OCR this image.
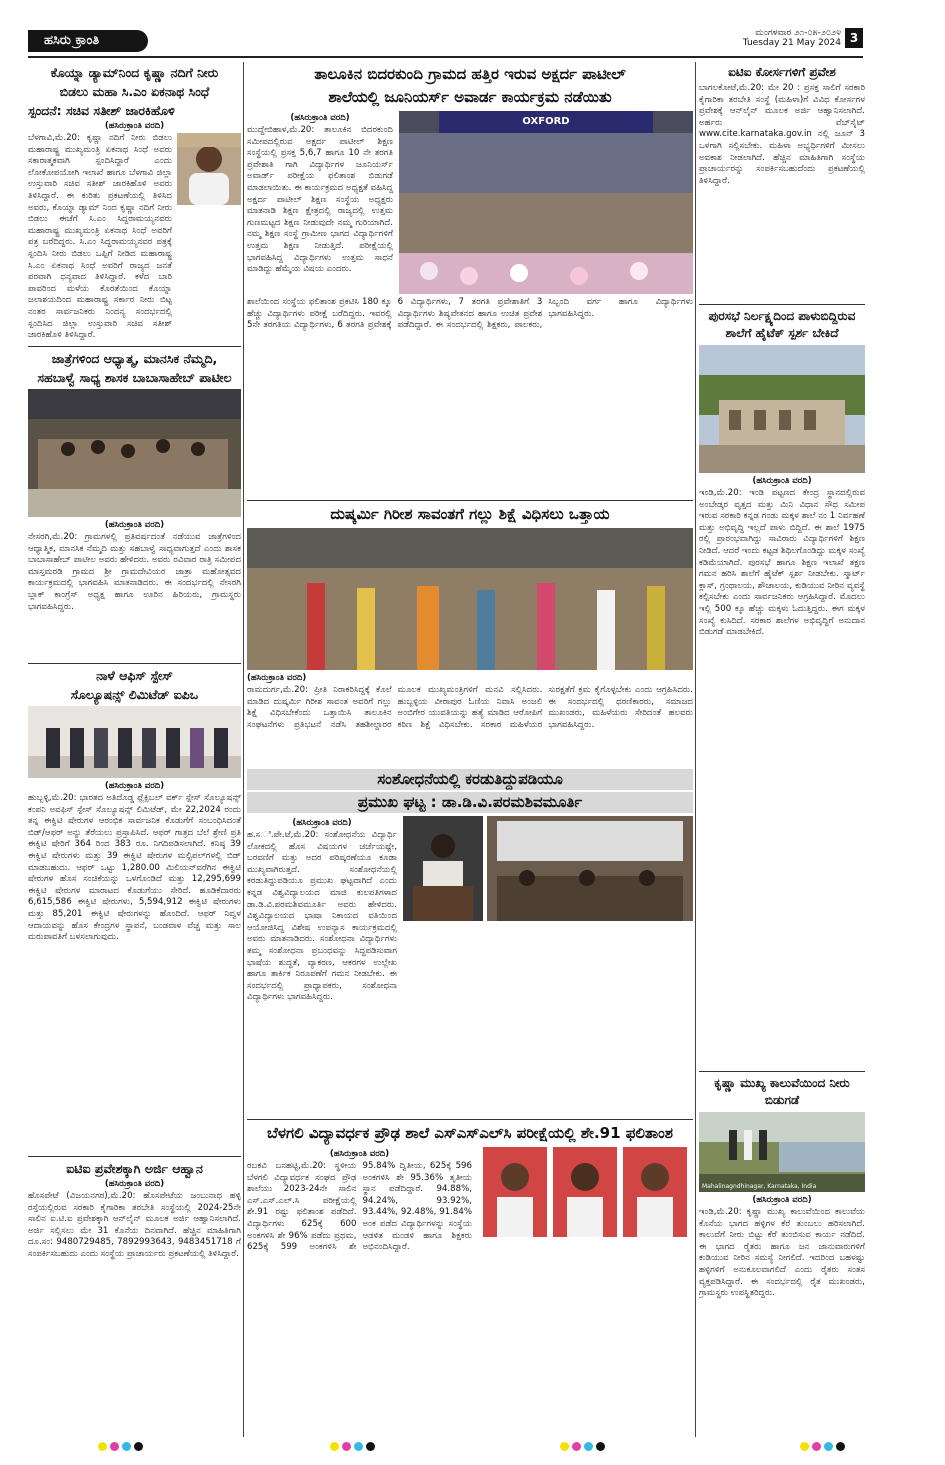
ಹಸಿರು ಕ್ರಾಂತಿ	ಮಂಗಳವಾರ ೨೧-೦೫-೨೦೨೪
Tuesday 21 May 2024 3
ಕೊಯ್ನಾ ಡ್ಯಾಮ್‌ನಿಂದ ಕೃಷ್ಣಾ ನದಿಗೆ ನೀರು
ಬಿಡಲು ಮಹಾ ಸಿ.ಎಂ ಏಕನಾಥ ಸಿಂಧೆ
ಸ್ಪಂದನೆ: ಸಚಿವ ಸತೀಶ್ ಜಾರಕಿಹೊಳಿ
(ಹಸಿರುಕ್ರಾಂತಿ ವರದಿ)

ಬೆಳಗಾವಿ,ಮೆ.20: ಕೃಷ್ಣಾ ನದಿಗೆ ನೀರು ಬಿಡಲು ಮಹಾರಾಷ್ಟ್ರ ಮುಖ್ಯಮಂತ್ರಿ ಏಕನಾಥ ಸಿಂಧೆ ಅವರು ಸಕಾರಾತ್ಮಕವಾಗಿ ಸ್ಪಂದಿಸಿದ್ದಾರೆ ಎಂದು ಲೋಕೋಪಯೋಗಿ ಇಲಾಖೆ ಹಾಗೂ ಬೆಳಗಾವಿ ಜಿಲ್ಲಾ ಉಸ್ತುವಾರಿ ಸಚಿವ ಸತೀಶ್ ಜಾರಕಿಹೊಳಿ ಅವರು ತಿಳಿಸಿದ್ದಾರೆ. ಈ ಕುರಿತು ಪ್ರಕಟಣೆಯಲ್ಲಿ ತಿಳಿಸಿದ ಅವರು, ಕೊಯ್ನಾ ಡ್ಯಾಮ್ ನಿಂದ ಕೃಷ್ಣಾ ನದಿಗೆ ನೀರು ಬಿಡಲು ಈಚೆಗೆ ಸಿ.ಎಂ ಸಿದ್ದರಾಮಯ್ಯನವರು ಮಹಾರಾಷ್ಟ್ರ ಮುಖ್ಯಮಂತ್ರಿ ಏಕನಾಥ ಸಿಂಧೆ ಅವರಿಗೆ ಪತ್ರ ಬರೆದಿದ್ದರು. ಸಿ.ಎಂ ಸಿದ್ದರಾಮಯ್ಯನವರ ಪತ್ರಕ್ಕೆ ಸ್ಪಂದಿಸಿ ನೀರು ಬಿಡಲು ಒಪ್ಪಿಗೆ ನೀಡಿದ ಮಹಾರಾಷ್ಟ್ರ ಸಿ.ಎಂ ಏಕನಾಥ ಸಿಂಧೆ ಅವರಿಗೆ ರಾಜ್ಯದ ಜನತೆ ಪರವಾಗಿ ಧನ್ಯವಾದ ತಿಳಿಸಿದ್ದಾರೆ. ಕಳೆದ ಬಾರಿ ಪಾವರಿಂದ ಮಳೆಯ ಕೊರತೆಯಿಂದ ಕೊಯ್ನಾ ಜಲಾಶಯದಿಂದ ಮಹಾರಾಷ್ಟ್ರ ಸರ್ಕಾರ ನೀರು ಬಿಟ್ಟ ನಂತರ ಸಾರ್ವಜನಿಕರು ನಿಂದನ್ಯ ಸಂದರ್ಭದಲ್ಲಿ ಸ್ಪಂದಿಸಿದ ಜಿಲ್ಲಾ ಉಸ್ತುವಾರಿ ಸಚಿವ ಸತೀಶ್ ಜಾರಕಿಹೊಳಿ ತಿಳಿಸಿದ್ದಾರೆ.

ಜಾತ್ರೆಗಳಿಂದ ಆಧ್ಯಾತ್ಮ, ಮಾನಸಿಕ ನೆಮ್ಮದಿ,
ಸಹಬಾಳ್ವೆ ಸಾಧ್ಯ ಶಾಸಕ ಬಾಬಾಸಾಹೇಬ್ ಪಾಟೀಲ
(ಹಸಿರುಕ್ರಾಂತಿ ವರದಿ)

ನೇಸರಗಿ,ಮೆ.20: ಗ್ರಾಮಗಳಲ್ಲಿ ಪ್ರತಿವರ್ಷದಂತೆ ನಡೆಯುವ ಜಾತ್ರೆಗಳಿಂದ ಆಧ್ಯಾತ್ಮಿಕ, ಮಾನಸಿಕ ನೆಮ್ಮದಿ ಮತ್ತು ಸಹಬಾಳ್ವೆ ಸಾಧ್ಯವಾಗುತ್ತದೆ ಎಂದು ಶಾಸಕ ಬಾಬಾಸಾಹೇಬ್ ಪಾಟೀಲ ಅವರು ಹೇಳಿದರು. ಅವರು ರವಿವಾರ ರಾತ್ರಿ ಸಮೀಪದ ಮಾಸ್ತಮರಡಿ ಗ್ರಾಮದ ಶ್ರೀ ಗ್ರಾಮದೇವಿಯರ ಜಾತ್ರಾ ಮಹೋತ್ಸವದ ಕಾರ್ಯಕ್ರಮದಲ್ಲಿ ಭಾಗವಹಿಸಿ ಮಾತನಾಡಿದರು. ಈ ಸಂದರ್ಭದಲ್ಲಿ ನೇಸರಗಿ ಬ್ಲಾಕ್ ಕಾಂಗ್ರೆಸ್ ಅಧ್ಯಕ್ಷ ಹಾಗೂ ಊರಿನ ಹಿರಿಯರು, ಗ್ರಾಮಸ್ಥರು ಭಾಗವಹಿಸಿದ್ದರು.

ನಾಳೆ ಆಫಿಸ್ ಸ್ಪೇಸ್
ಸೊಲ್ಯೂಷನ್ಸ್ ಲಿಮಿಟೆಡ್ ಐಪಿಒ
(ಹಸಿರುಕ್ರಾಂತಿ ವರದಿ)

ಹುಬ್ಬಳ್ಳಿ,ಮೆ.20: ಭಾರತದ ಅತಿದೊಡ್ಡ ಫ್ಲೆಕ್ಸಿಬಲ್ ವರ್ಕ್ ಸ್ಪೇಸ್ ಸೊಲ್ಯೂಷನ್ಸ್ ಕಂಪನಿ ಅವಫಿಸ್ ಸ್ಪೇಸ್ ಸೊಲ್ಯೂಷನ್ಸ್ ಲಿಮಿಟೆಡ್, ಮೇ 22,2024 ರಂದು ತನ್ನ ಈಕ್ವಿಟಿ ಷೇರುಗಳ ಆರಂಭಿಕ ಸಾರ್ವಜನಿಕ ಕೊಡುಗೆಗೆ ಸಂಬಂಧಿಸಿದಂತೆ ಬಿಡ್/ಆಫರ್ ಅನ್ನು ತೆರೆಯಲು ಪ್ರಸ್ತಾಪಿಸಿದೆ. ಆಫರ್ ಗಾತ್ರದ ಬೆಲೆ ಶ್ರೇಣಿ ಪ್ರತಿ ಈಕ್ವಿಟಿ ಷೇರಿಗೆ 364 ರಿಂದ 383 ರೂ. ನಿಗದಿಪಡಿಸಲಾಗಿದೆ. ಕನಿಷ್ಠ 39 ಈಕ್ವಿಟಿ ಷೇರುಗಳು ಮತ್ತು 39 ಈಕ್ವಿಟಿ ಷೇರುಗಳ ಮಲ್ಟಿಪಲ್‌ಗಳಲ್ಲಿ ಬಿಡ್ ಮಾಡಬಹುದು. ಆಫರ್ ಒಟ್ಟು 1,280.00 ಮಿಲಿಯನ್‌ವರೆಗಿನ ಈಕ್ವಿಟಿ ಷೇರುಗಳ ಹೊಸ ಸಂಚಿಕೆಯನ್ನು ಒಳಗೊಂಡಿದೆ ಮತ್ತು 12,295,699 ಈಕ್ವಿಟಿ ಷೇರುಗಳ ಮಾರಾಟದ ಕೊಡುಗೆಯು ಸೇರಿದೆ. ಹೂಡಿಕೆದಾರರು 6,615,586 ಈಕ್ವಿಟಿ ಷೇರುಗಳು, 5,594,912 ಈಕ್ವಿಟಿ ಷೇರುಗಳು ಮತ್ತು 85,201 ಈಕ್ವಿಟಿ ಷೇರುಗಳನ್ನು ಹೊಂದಿದೆ. ಆಫರ್ ನಿವ್ವಳ ಆದಾಯವನ್ನು ಹೊಸ ಕೇಂದ್ರಗಳ ಸ್ಥಾಪನೆ, ಬಂಡವಾಳ ವೆಚ್ಚ ಮತ್ತು ಸಾಲ ಮರುಪಾವತಿಗೆ ಬಳಸಲಾಗುವುದು.

ಐಟಿಐ ಪ್ರವೇಶಕ್ಕಾಗಿ ಅರ್ಜಿ ಆಹ್ವಾನ
(ಹಸಿರುಕ್ರಾಂತಿ ವರದಿ)

ಹೊಸಪೇಟೆ (ವಿಜಯನಗರ),ಮೆ.20: ಹೊಸಪೇಟೆಯ ಜಂಬುನಾಥ ಹಳ್ಳಿ ರಸ್ತೆಯಲ್ಲಿರುವ ಸರಕಾರಿ ಕೈಗಾರಿಕಾ ತರಬೇತಿ ಸಂಸ್ಥೆಯಲ್ಲಿ 2024-25ನೇ ಸಾಲಿನ ಐ.ಟಿ.ಐ ಪ್ರವೇಶಕ್ಕಾಗಿ ಆನ್‌ಲೈನ್ ಮೂಲಕ ಅರ್ಜಿ ಆಹ್ವಾನಿಸಲಾಗಿದೆ. ಅರ್ಜಿ ಸಲ್ಲಿಸಲು ಮೇ 31 ಕೊನೆಯ ದಿನವಾಗಿದೆ. ಹೆಚ್ಚಿನ ಮಾಹಿತಿಗಾಗಿ ದೂ.ಸಂ: 9480729485, 7892993643, 9483451718 ಗೆ ಸಂಪರ್ಕಿಸಬಹುದು ಎಂದು ಸಂಸ್ಥೆಯ ಪ್ರಾಚಾರ್ಯರು ಪ್ರಕಟಣೆಯಲ್ಲಿ ತಿಳಿಸಿದ್ದಾರೆ.

ತಾಲೂಕಿನ ಬಿದರಕುಂದಿ ಗ್ರಾಮದ ಹತ್ತಿರ ಇರುವ ಅಕ್ಷರ್ದ ಪಾಟೀಲ್
ಶಾಲೆಯಲ್ಲಿ ಜೂನಿಯರ್ಸ್ ಅವಾರ್ಡ ಕಾರ್ಯಕ್ರಮ ನಡೆಯಿತು
(ಹಸಿರುಕ್ರಾಂತಿ ವರದಿ)

ಮುದ್ದೇಬಿಹಾಳ,ಮೆ.20: ತಾಲೂಕಿನ ಬಿದರಕುಂದಿ ಸಮೀಪದಲ್ಲಿರುವ ಅಕ್ಷರ್ದ ಪಾಟೀಲ್ ಶಿಕ್ಷಣ ಸಂಸ್ಥೆಯಲ್ಲಿ ಪ್ರಸಕ್ತ 5,6,7 ಹಾಗೂ 10 ನೇ ತರಗತಿ ಪ್ರವೇಶಾತಿ ಗಾಗಿ ವಿದ್ಯಾರ್ಥಿಗಳ ಜೂನಿಯರ್ಸ್ ಅವಾರ್ಡ್ ಪರೀಕ್ಷೆಯ ಫಲಿತಾಂಶ ಬಿಡುಗಡೆ ಮಾಡಲಾಯಿತು. ಈ ಕಾರ್ಯಕ್ರಮದ ಅಧ್ಯಕ್ಷತೆ ವಹಿಸಿದ್ದ ಅಕ್ಷರ್ದ ಪಾಟೀಲ್ ಶಿಕ್ಷಣ ಸಂಸ್ಥೆಯ ಅಧ್ಯಕ್ಷರು ಮಾತನಾಡಿ ಶಿಕ್ಷಣ ಕ್ಷೇತ್ರದಲ್ಲಿ ರಾಜ್ಯದಲ್ಲಿ ಉತ್ತಮ ಗುಣಮಟ್ಟದ ಶಿಕ್ಷಣ ನೀಡುವುದೇ ನಮ್ಮ ಗುರಿಯಾಗಿದೆ. ನಮ್ಮ ಶಿಕ್ಷಣ ಸಂಸ್ಥೆ ಗ್ರಾಮೀಣ ಭಾಗದ ವಿದ್ಯಾರ್ಥಿಗಳಿಗೆ ಉತ್ತಮ ಶಿಕ್ಷಣ ನೀಡುತ್ತಿದೆ. ಪರೀಕ್ಷೆಯಲ್ಲಿ ಭಾಗವಹಿಸಿದ್ದ ವಿದ್ಯಾರ್ಥಿಗಳು ಉತ್ತಮ ಸಾಧನೆ ಮಾಡಿದ್ದು ಹೆಮ್ಮೆಯ ವಿಷಯ ಎಂದರು.

OXFORD

ಶಾಲೆಯಿಂದ ಸಂಸ್ಥೆಯ ಫಲಿತಾಂಶ ಪ್ರಕಟಿಸಿ 180 ಕ್ಕೂ ಹೆಚ್ಚು ವಿದ್ಯಾರ್ಥಿಗಳು ಪರೀಕ್ಷೆ ಬರೆದಿದ್ದರು. ಇವರಲ್ಲಿ 5ನೇ ತರಗತಿಯ ವಿದ್ಯಾರ್ಥಿಗಳು, 6 ತರಗತಿ ಪ್ರವೇಶಕ್ಕೆ 6 ವಿದ್ಯಾರ್ಥಿಗಳು, 7 ತರಗತಿ ಪ್ರವೇಶಾತಿಗೆ 3 ವಿದ್ಯಾರ್ಥಿಗಳು ಶಿಷ್ಯವೇತನದ ಹಾಗೂ ಉಚಿತ ಪ್ರವೇಶ ಪಡೆದಿದ್ದಾರೆ. ಈ ಸಂದರ್ಭದಲ್ಲಿ ಶಿಕ್ಷಕರು, ಪಾಲಕರು, ಸಿಬ್ಬಂದಿ ವರ್ಗ ಹಾಗೂ ವಿದ್ಯಾರ್ಥಿಗಳು ಭಾಗವಹಿಸಿದ್ದರು.

ದುಷ್ಕರ್ಮಿ ಗಿರೀಶ ಸಾವಂತಗೆ ಗಲ್ಲು ಶಿಕ್ಷೆ ವಿಧಿಸಲು ಒತ್ತಾಯ
(ಹಸಿರುಕ್ರಾಂತಿ ವರದಿ)

ರಾಮದುರ್ಗ,ಮೆ.20: ಪ್ರೀತಿ ನಿರಾಕರಿಸಿದ್ದಕ್ಕೆ ಕೊಲೆ ಮಾಡಿದ ದುಷ್ಕರ್ಮಿ ಗಿರೀಶ ಸಾವಂತ ಅವರಿಗೆ ಗಲ್ಲು ಶಿಕ್ಷೆ ವಿಧಿಸಬೇಕೆಂದು ಒತ್ತಾಯಿಸಿ ತಾಲೂಕಿನ ಸಂಘಟನೆಗಳು ಪ್ರತಿಭಟನೆ ನಡೆಸಿ ತಹಶೀಲ್ದಾರರ ಮೂಲಕ ಮುಖ್ಯಮಂತ್ರಿಗಳಿಗೆ ಮನವಿ ಸಲ್ಲಿಸಿದರು. ಹುಬ್ಬಳ್ಳಿಯ ವೀರಾಪುರ ಓಣಿಯ ನಿವಾಸಿ ಅಂಜಲಿ ಅಂಬಿಗೇರ ಯುವತಿಯನ್ನು ಹತ್ಯೆ ಮಾಡಿದ ಆರೋಪಿಗೆ ಕಠಿಣ ಶಿಕ್ಷೆ ವಿಧಿಸಬೇಕು. ಸರಕಾರ ಮಹಿಳೆಯರ ಸುರಕ್ಷತೆಗೆ ಕ್ರಮ ಕೈಗೊಳ್ಳಬೇಕು ಎಂದು ಆಗ್ರಹಿಸಿದರು. ಈ ಸಂದರ್ಭದಲ್ಲಿ ಧರಣಿಕಾರರು, ಸಮಾಜದ ಮುಖಂಡರು, ಮಹಿಳೆಯರು ಸೇರಿದಂತೆ ಹಲವರು ಭಾಗವಹಿಸಿದ್ದರು.

ಸಂಶೋಧನೆಯಲ್ಲಿ ಕರಡುತಿದ್ದುಪಡಿಯೂ
ಪ್ರಮುಖ ಘಟ್ಟ : ಡಾ.ಡಿ.ವಿ.ಪರಮಶಿವಮೂರ್ತಿ
(ಹಸಿರುಕ್ರಾಂತಿ ವರದಿ)

ಹ.ಸ.ಿ.ಪೇ.ಟೆ,ಮೆ.20: ಸಂಶೋಧನೆಯ ವಿದ್ಯಾರ್ಥಿ ಲೋಕದಲ್ಲಿ ಹೊಸ ವಿಷಯಗಳ ಚರ್ಚೆಯಷ್ಟೇ, ಬರವಣಿಗೆ ಮತ್ತು ಅದರ ಪರಿಷ್ಕರಣೆಯೂ ಕೂಡಾ ಮುಖ್ಯವಾಗಿರುತ್ತದೆ. ಸಂಶೋಧನೆಯಲ್ಲಿ ಕರಡುತಿದ್ದುಪಡಿಯೂ ಪ್ರಮುಖ ಘಟ್ಟವಾಗಿದೆ ಎಂದು ಕನ್ನಡ ವಿಶ್ವವಿದ್ಯಾಲಯದ ಮಾಜಿ ಕುಲಪತಿಗಳಾದ ಡಾ.ಡಿ.ವಿ.ಪರಮಶಿವಮೂರ್ತಿ ಅವರು ಹೇಳಿದರು. ವಿಶ್ವವಿದ್ಯಾಲಯದ ಭಾಷಾ ನಿಕಾಯದ ವತಿಯಿಂದ ಆಯೋಜಿಸಿದ್ದ ವಿಶೇಷ ಉಪನ್ಯಾಸ ಕಾರ್ಯಕ್ರಮದಲ್ಲಿ ಅವರು ಮಾತನಾಡಿದರು. ಸಂಶೋಧನಾ ವಿದ್ಯಾರ್ಥಿಗಳು ತಮ್ಮ ಸಂಶೋಧನಾ ಪ್ರಬಂಧವನ್ನು ಸಿದ್ಧಪಡಿಸುವಾಗ ಭಾಷೆಯ ಶುದ್ಧತೆ, ವ್ಯಾಕರಣ, ಆಕರಗಳ ಉಲ್ಲೇಖ ಹಾಗೂ ತಾರ್ಕಿಕ ನಿರೂಪಣೆಗೆ ಗಮನ ನೀಡಬೇಕು. ಈ ಸಂದರ್ಭದಲ್ಲಿ ಪ್ರಾಧ್ಯಾಪಕರು, ಸಂಶೋಧನಾ ವಿದ್ಯಾರ್ಥಿಗಳು ಭಾಗವಹಿಸಿದ್ದರು.

ಬೆಳಗಲಿ ವಿದ್ಯಾವರ್ಧಕ ಪ್ರೌಢ ಶಾಲೆ ಎಸ್‌ಎಸ್‌ಎಲ್‌ಸಿ ಪರೀಕ್ಷೆಯಲ್ಲಿ ಶೇ.91 ಫಲಿತಾಂಶ
(ಹಸಿರುಕ್ರಾಂತಿ ವರದಿ)

ರಬಕವಿ ಬನಹಟ್ಟಿ,ಮೆ.20: ಸ್ಥಳೀಯ ಬೆಳಗಲಿ ವಿದ್ಯಾವರ್ಧಕ ಸಂಘದ ಪ್ರೌಢ ಶಾಲೆಯು 2023-24ನೇ ಸಾಲಿನ ಎಸ್.ಎಸ್.ಎಲ್.ಸಿ ಪರೀಕ್ಷೆಯಲ್ಲಿ ಶೇ.91 ರಷ್ಟು ಫಲಿತಾಂಶ ಪಡೆದಿದೆ. ವಿದ್ಯಾರ್ಥಿಗಳು 625ಕ್ಕೆ 600 ಅಂಕಗಳಿಸಿ ಶೇ 96% ಪಡೆದು ಪ್ರಥಮ, 625ಕ್ಕೆ 599 ಅಂಕಗಳಿಸಿ ಶೇ 95.84% ದ್ವಿತೀಯ, 625ಕ್ಕೆ 596 ಅಂಕಗಳಿಸಿ ಶೇ 95.36% ತೃತೀಯ ಸ್ಥಾನ ಪಡೆದಿದ್ದಾರೆ. 94.88%, 94.24%, 93.92%, 93.44%, 92.48%, 91.84% ಅಂಕ ಪಡೆದ ವಿದ್ಯಾರ್ಥಿಗಳನ್ನು ಸಂಸ್ಥೆಯ ಆಡಳಿತ ಮಂಡಳಿ ಹಾಗೂ ಶಿಕ್ಷಕರು ಅಭಿನಂದಿಸಿದ್ದಾರೆ.

ಐಟಿಐ ಕೋರ್ಸಗಳಿಗೆ ಪ್ರವೇಶ

ಬಾಗಲಕೋಟೆ,ಮೆ.20: ಮೇ 20 : ಪ್ರಸಕ್ತ ಸಾಲಿಗೆ ಸರಕಾರಿ ಕೈಗಾರಿಕಾ ತರಬೇತಿ ಸಂಸ್ಥೆ (ಮಹಿಳಾ)ಗೆ ವಿವಿಧ ಕೋರ್ಸಗಳ ಪ್ರವೇಶಕ್ಕೆ ಆನ್‌ಲೈನ್ ಮೂಲಕ ಅರ್ಜಿ ಆಹ್ವಾನಿಸಲಾಗಿದೆ. ಅರ್ಹರು ವೆಬ್‌ಸೈಟ್ www.cite.karnataka.gov.in ನಲ್ಲಿ ಜೂನ್ 3 ಒಳಗಾಗಿ ಸಲ್ಲಿಸಬೇಕು. ಮಹಿಳಾ ಅಭ್ಯರ್ಥಿಗಳಿಗೆ ಮೀಸಲು ಅವಕಾಶ ನೀಡಲಾಗಿದೆ. ಹೆಚ್ಚಿನ ಮಾಹಿತಿಗಾಗಿ ಸಂಸ್ಥೆಯ ಪ್ರಾಚಾರ್ಯರನ್ನು ಸಂಪರ್ಕಿಸಬಹುದೆಂದು ಪ್ರಕಟಣೆಯಲ್ಲಿ ತಿಳಿಸಿದ್ದಾರೆ.

ಪುರಸಭೆ ನಿರ್ಲಕ್ಷ್ಯದಿಂದ ಪಾಳುಬಿದ್ದಿರುವ ಶಾಲೆಗೆ ಹೈಟೆಕ್ ಸ್ಪರ್ಶ ಬೇಕಿದೆ
(ಹಸಿರುಕ್ರಾಂತಿ ವರದಿ)

ಇಂಡಿ,ಮೆ.20: ಇಂಡಿ ಪಟ್ಟಣದ ಕೇಂದ್ರ ಸ್ಥಾನದಲ್ಲಿರುವ ಅಂಬೇಡ್ಕರ ವೃತ್ತದ ಮತ್ತು ಮಿನಿ ವಿಧಾನ ಸೌಧ ಸಮೀಪ ಇರುವ ಸರಕಾರಿ ಕನ್ನಡ ಗಂಡು ಮಕ್ಕಳ ಶಾಲೆ ನಂ 1 ನಿರ್ವಹಣೆ ಮತ್ತು ಅಭಿವೃದ್ಧಿ ಇಲ್ಲದೆ ಪಾಳು ಬಿದ್ದಿದೆ. ಈ ಶಾಲೆ 1975 ರಲ್ಲಿ ಪ್ರಾರಂಭವಾಗಿದ್ದು ಸಾವಿರಾರು ವಿದ್ಯಾರ್ಥಿಗಳಿಗೆ ಶಿಕ್ಷಣ ನೀಡಿದೆ. ಆದರೆ ಇಂದು ಕಟ್ಟಡ ಶಿಥಿಲಗೊಂಡಿದ್ದು ಮಕ್ಕಳ ಸಂಖ್ಯೆ ಕಡಿಮೆಯಾಗಿದೆ. ಪುರಸಭೆ ಹಾಗೂ ಶಿಕ್ಷಣ ಇಲಾಖೆ ತಕ್ಷಣ ಗಮನ ಹರಿಸಿ ಶಾಲೆಗೆ ಹೈಟೆಕ್ ಸ್ಪರ್ಶ ನೀಡಬೇಕು. ಸ್ಮಾರ್ಟ್ ಕ್ಲಾಸ್, ಗ್ರಂಥಾಲಯ, ಶೌಚಾಲಯ, ಕುಡಿಯುವ ನೀರಿನ ವ್ಯವಸ್ಥೆ ಕಲ್ಪಿಸಬೇಕು ಎಂದು ಸಾರ್ವಜನಿಕರು ಆಗ್ರಹಿಸಿದ್ದಾರೆ. ಮೊದಲು ಇಲ್ಲಿ 500 ಕ್ಕೂ ಹೆಚ್ಚು ಮಕ್ಕಳು ಓದುತ್ತಿದ್ದರು. ಈಗ ಮಕ್ಕಳ ಸಂಖ್ಯೆ ಕುಸಿದಿದೆ. ಸರಕಾರ ಶಾಲೆಗಳ ಅಭಿವೃದ್ಧಿಗೆ ಅನುದಾನ ಬಿಡುಗಡೆ ಮಾಡಬೇಕಿದೆ.

ಕೃಷ್ಣಾ ಮುಖ್ಯ ಕಾಲುವೆಯಿಂದ ನೀರು ಬಿಡುಗಡೆ
Mahalinagndhinagar, Karnataka, India
(ಹಸಿರುಕ್ರಾಂತಿ ವರದಿ)

ಇಂಡಿ,ಮೆ.20: ಕೃಷ್ಣಾ ಮುಖ್ಯ ಕಾಲುವೆಯಿಂದ ಕಾಲುವೆಯ ಕೊನೆಯ ಭಾಗದ ಹಳ್ಳಿಗಳ ಕೆರೆ ತುಂಬಲು ಹರಿಸಲಾಗಿದೆ. ಕಾಲುವೆಗೆ ನೀರು ಬಿಟ್ಟು ಕೆರೆ ತುಂಬಿಸುವ ಕಾರ್ಯ ನಡೆದಿದೆ. ಈ ಭಾಗದ ರೈತರು ಹಾಗೂ ಜನ ಜಾನುವಾರುಗಳಿಗೆ ಕುಡಿಯುವ ನೀರಿನ ಸಮಸ್ಯೆ ನೀಗಲಿದೆ. ಇದರಿಂದ ಬಹಳಷ್ಟು ಹಳ್ಳಿಗಳಿಗೆ ಅನುಕೂಲವಾಗಲಿದೆ ಎಂದು ರೈತರು ಸಂತಸ ವ್ಯಕ್ತಪಡಿಸಿದ್ದಾರೆ. ಈ ಸಂದರ್ಭದಲ್ಲಿ ರೈತ ಮುಖಂಡರು, ಗ್ರಾಮಸ್ಥರು ಉಪಸ್ಥಿತರಿದ್ದರು.
